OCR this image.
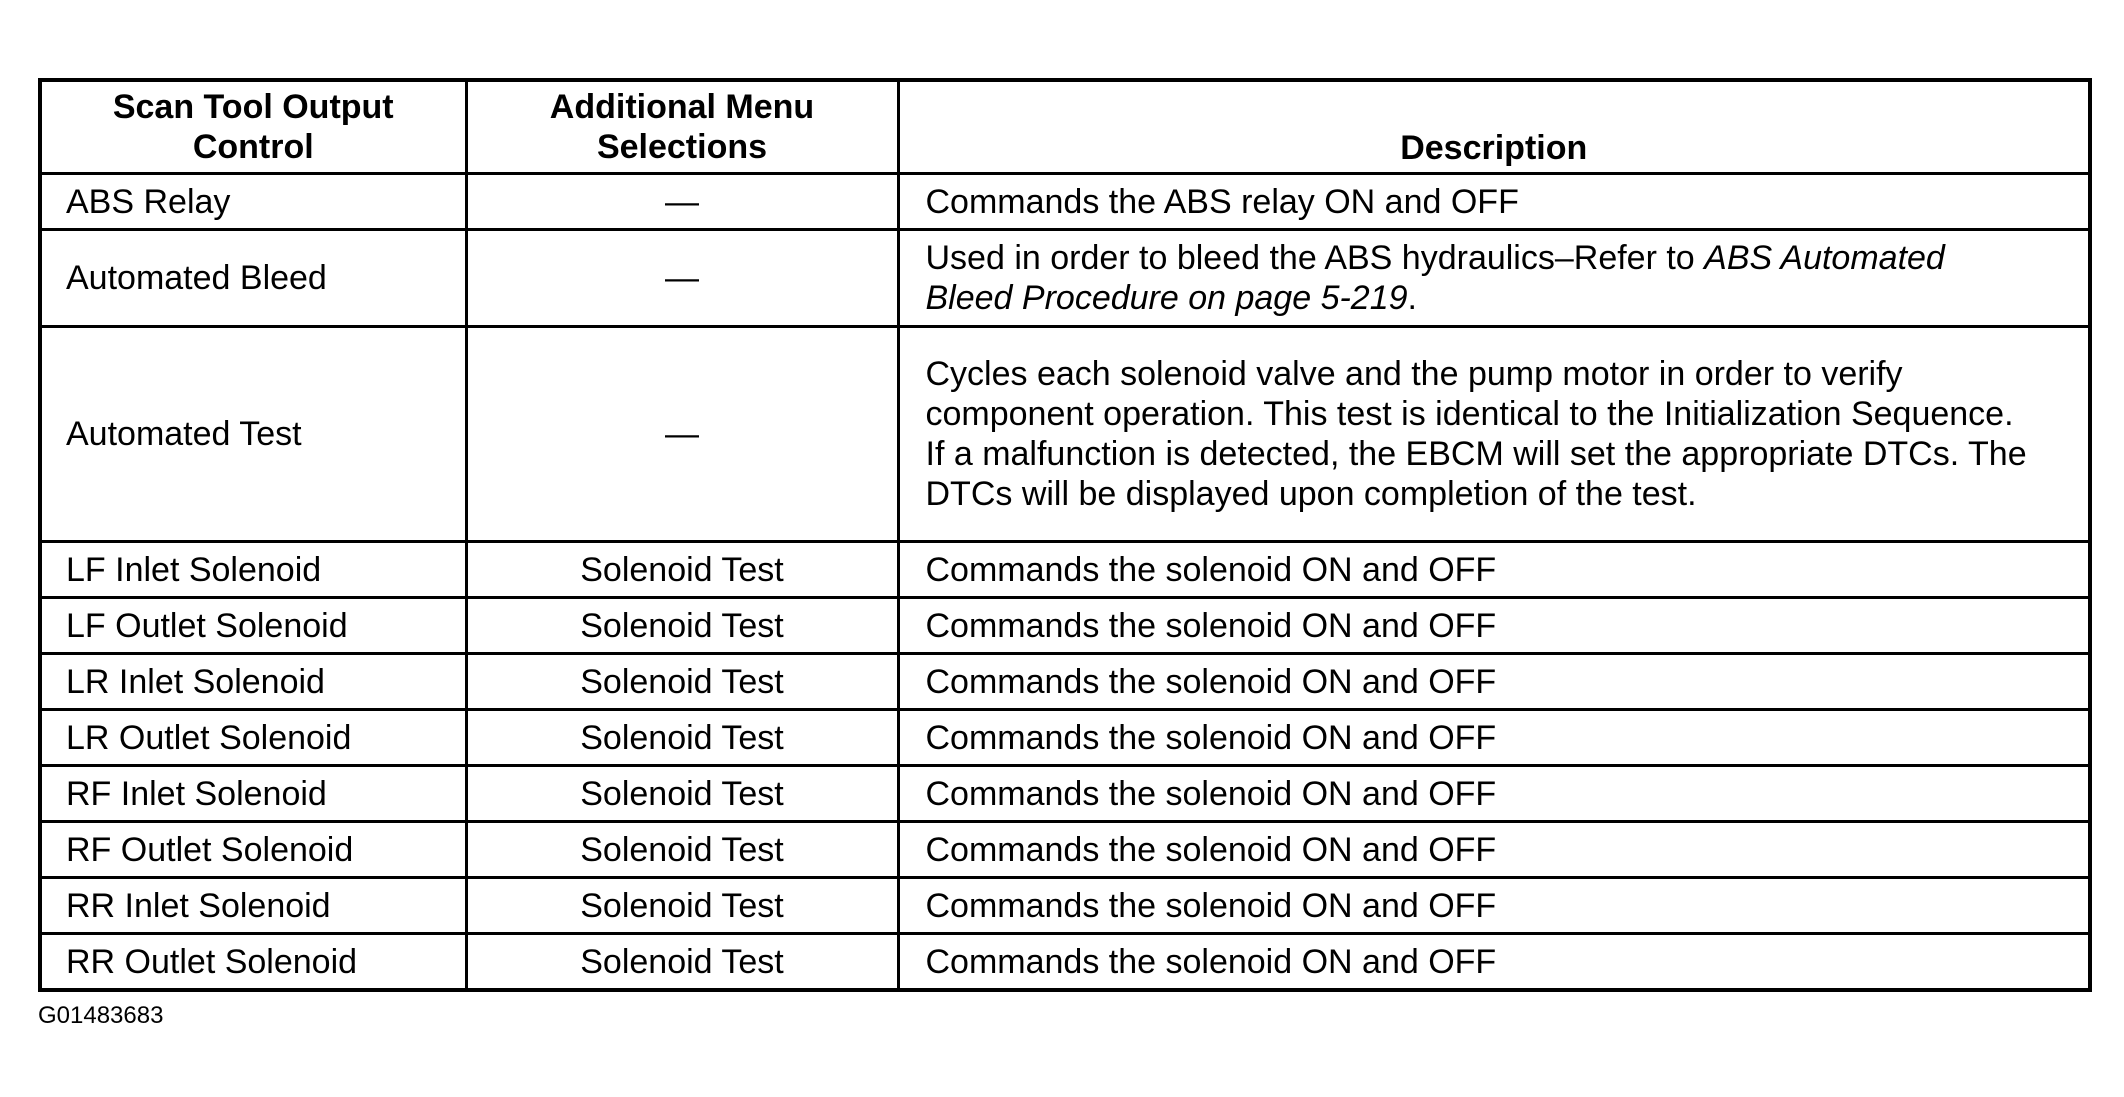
Scan Tool Output Control	Additional Menu Selections	Description
ABS Relay	—	Commands the ABS relay ON and OFF
Automated Bleed	—	Used in order to bleed the ABS hydraulics–Refer to ABS Automated Bleed Procedure on page 5-219.
Automated Test	—	Cycles each solenoid valve and the pump motor in order to verify component operation. This test is identical to the Initialization Sequence. If a malfunction is detected, the EBCM will set the appropriate DTCs. The DTCs will be displayed upon completion of the test.
LF Inlet Solenoid	Solenoid Test	Commands the solenoid ON and OFF
LF Outlet Solenoid	Solenoid Test	Commands the solenoid ON and OFF
LR Inlet Solenoid	Solenoid Test	Commands the solenoid ON and OFF
LR Outlet Solenoid	Solenoid Test	Commands the solenoid ON and OFF
RF Inlet Solenoid	Solenoid Test	Commands the solenoid ON and OFF
RF Outlet Solenoid	Solenoid Test	Commands the solenoid ON and OFF
RR Inlet Solenoid	Solenoid Test	Commands the solenoid ON and OFF
RR Outlet Solenoid	Solenoid Test	Commands the solenoid ON and OFF
G01483683
